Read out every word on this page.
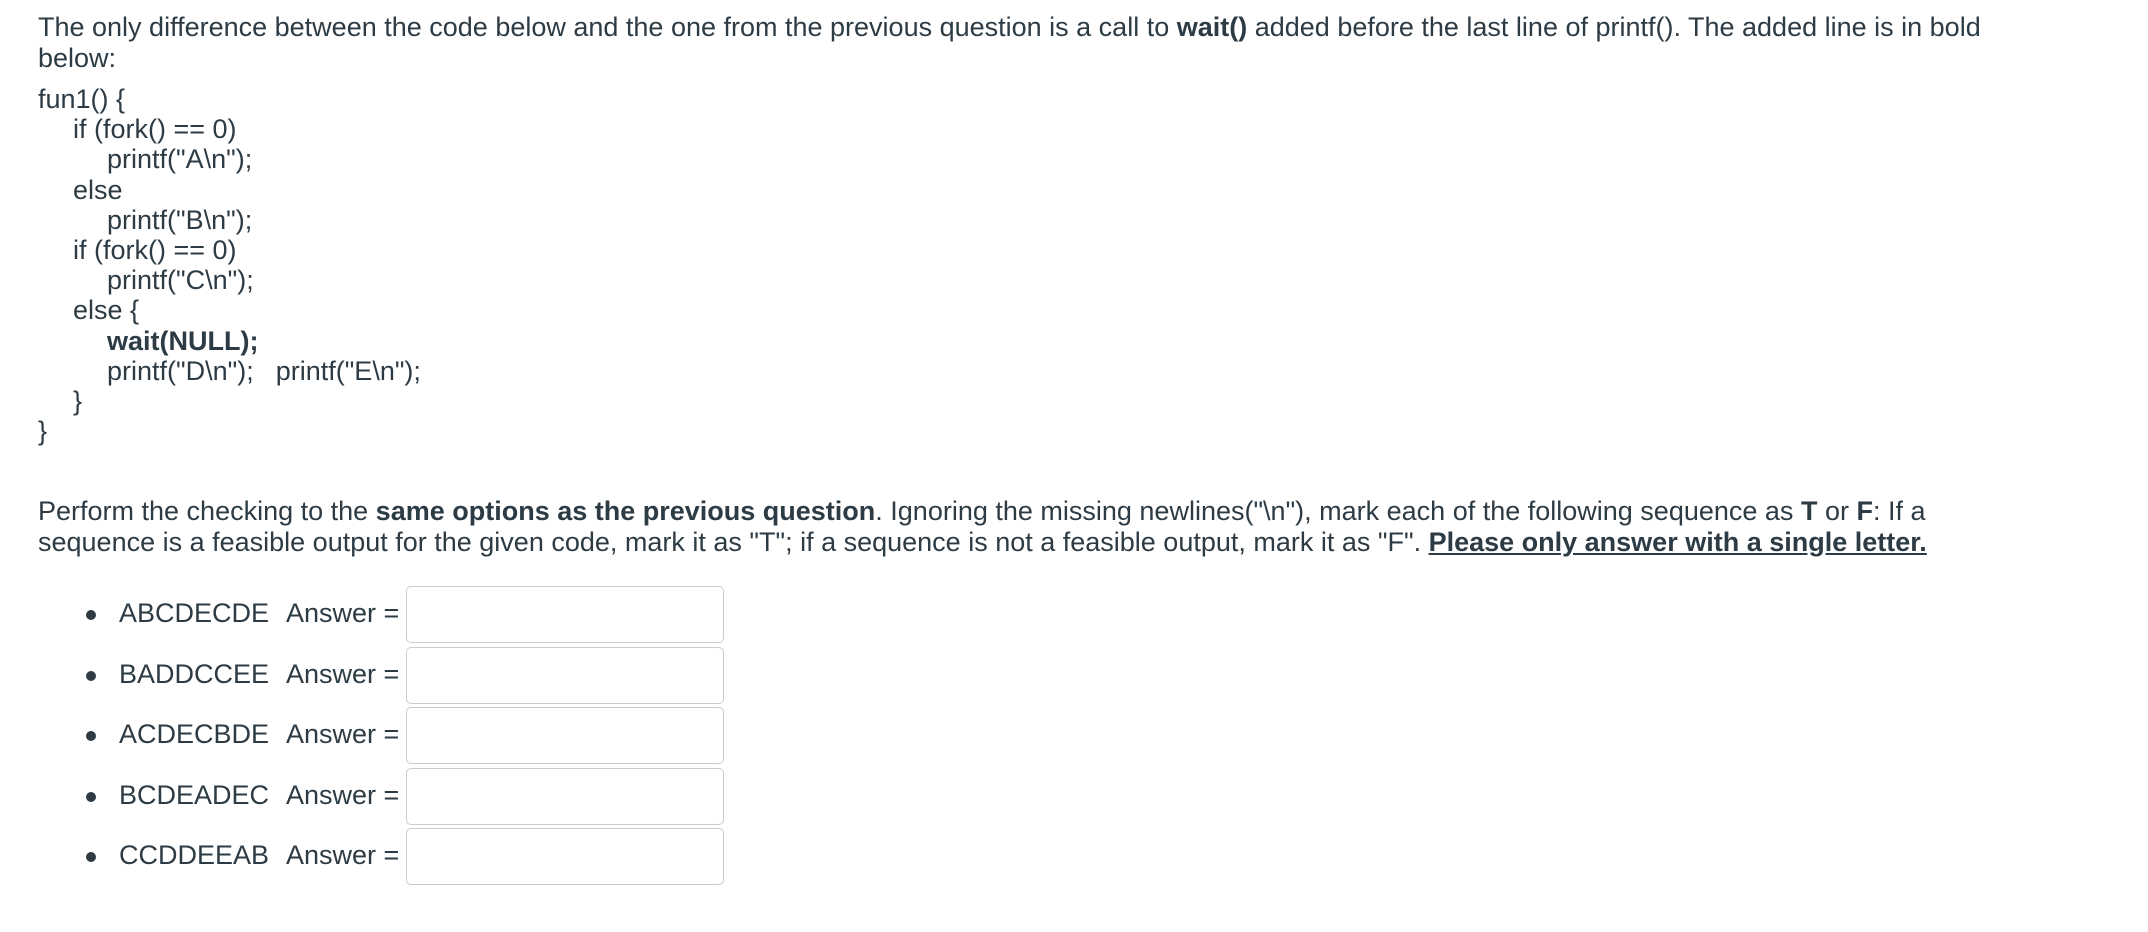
The only difference between the code below and the one from the previous question is a call to wait() added before the last line of printf(). The added line is in bold below:

fun1() {
if (fork() == 0)
printf("A\n");
else
printf("B\n");
if (fork() == 0)
printf("C\n");
else {
wait(NULL);
printf("D\n"); printf("E\n");
}
}

Perform the checking to the same options as the previous question. Ignoring the missing newlines("\n"), mark each of the following sequence as T or F: If a sequence is a feasible output for the given code, mark it as "T"; if a sequence is not a feasible output, mark it as "F". Please only answer with a single letter.

ABCDECDE Answer =
BADDCCEE Answer =
ACDECBDE Answer =
BCDEADEC Answer =
CCDDEEAB Answer =
